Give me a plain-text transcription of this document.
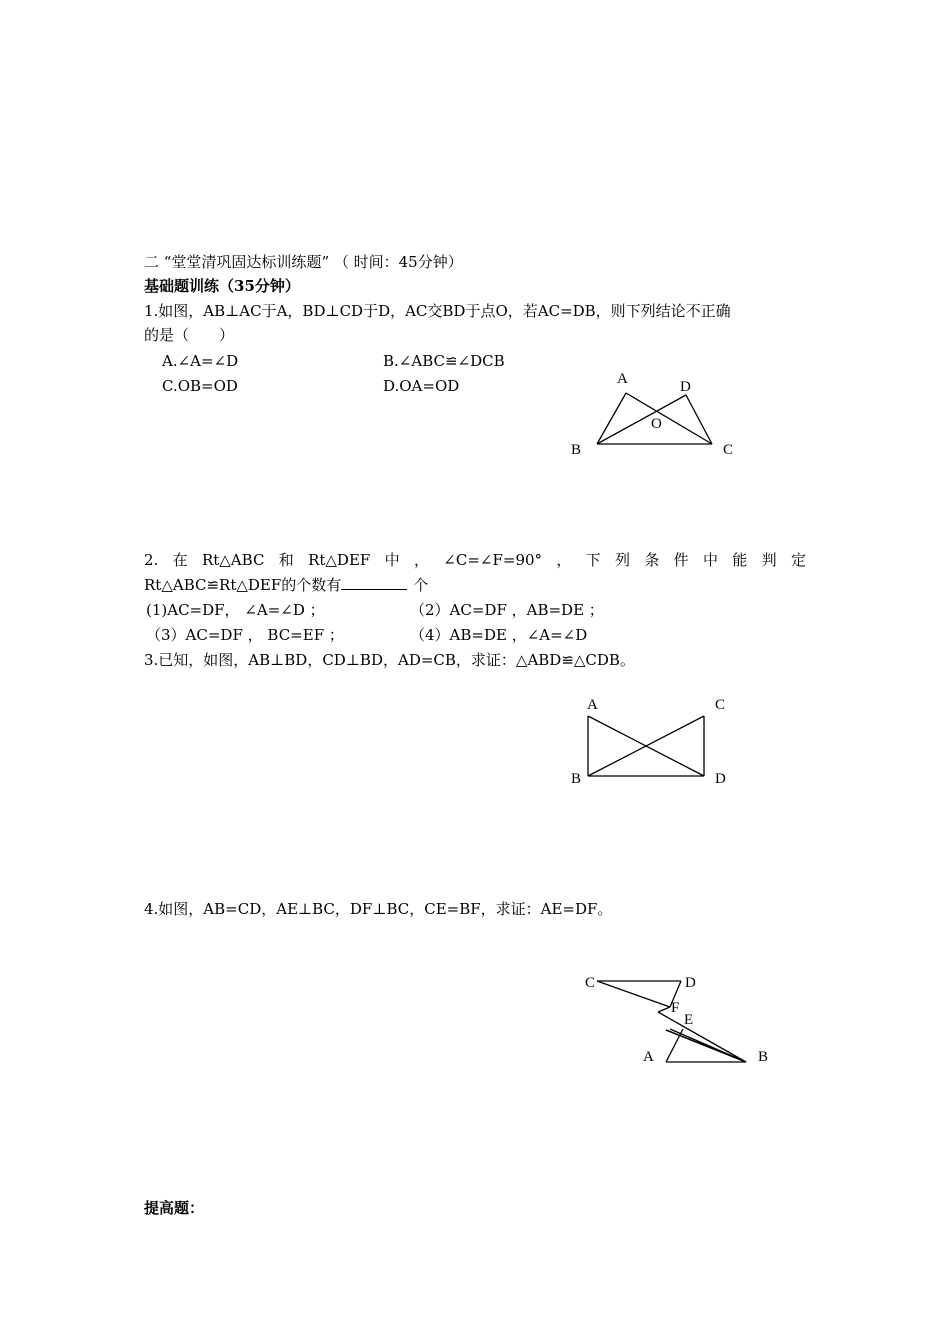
二 “堂堂清巩固达标训练题” （ 时间：45分钟）
基础题训练（35分钟）
1.如图，AB⊥AC于A，BD⊥CD于D，AC交BD于点O，若AC=DB，则下列结论不正确
的是（　　）
A.∠A=∠D	B.∠ABC≌∠DCB
C.OB=OD	D.OA=OD	A	D
O
B	C
2. 在 Rt△ABC 和 Rt△DEF 中 ， ∠C=∠F=90° ， 下 列 条 件 中 能 判 定
Rt△ABC≌Rt△DEF的个数有	个
(1)AC=DF， ∠A=∠D ；	（2）AC=DF ，AB=DE ；
（3）AC=DF ， BC=EF ；	（4）AB=DE ，∠A=∠D
3.已知，如图，AB⊥BD，CD⊥BD，AD=CB，求证：△ABD≌△CDB。
A	C
B	D
4.如图，AB=CD，AE⊥BC，DF⊥BC，CE=BF，求证：AE=DF。
C	D
F
E
A	B
提高题：
